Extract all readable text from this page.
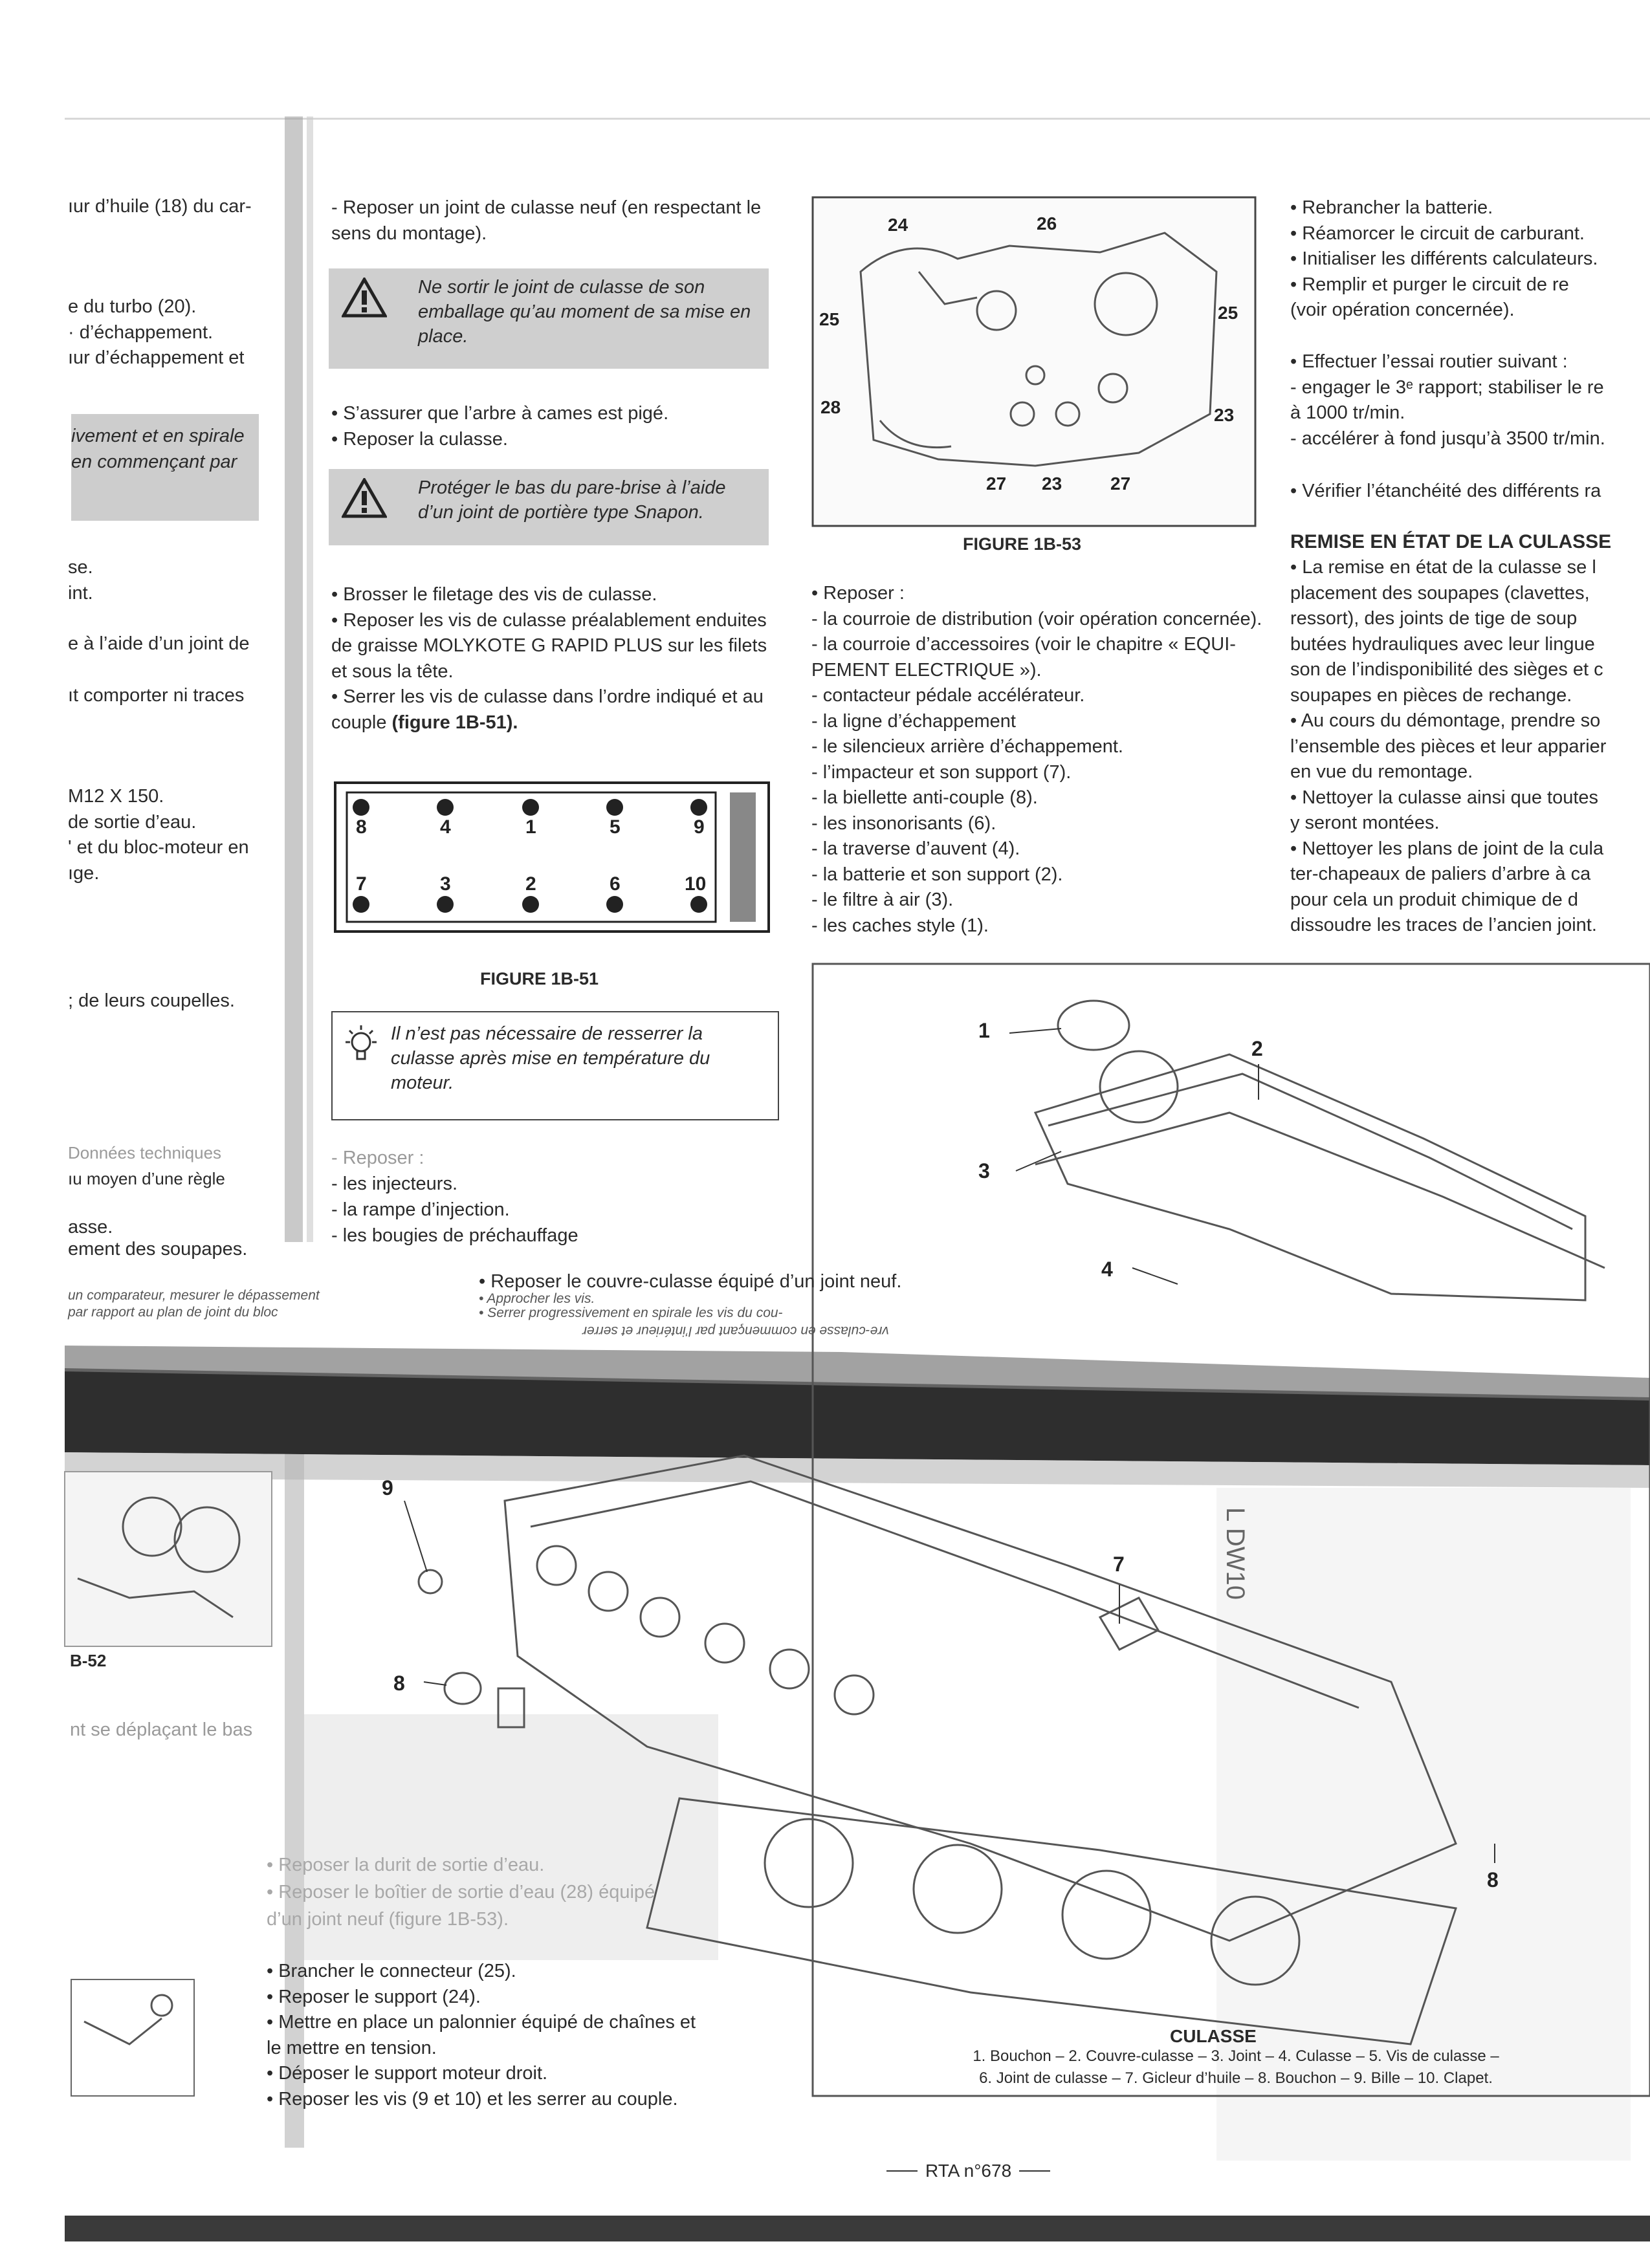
ıur d’huile (18) du car-
e du turbo (20).
· d’échappement.
ıur d’échappement et
ivement et en spirale
en commençant par
se.
int.
e à l’aide d’un joint de
ıt comporter ni traces
M12 X 150.
de sortie d’eau.
' et du bloc-moteur en
ıge.
; de leurs coupelles.
Données techniques
ıu moyen d’une règle
asse.
ement des soupapes.
un comparateur, mesurer le dépassement
par rapport au plan de joint du bloc
B-52
nt se déplaçant le bas
- Reposer un joint de culasse neuf (en respectant le
sens du montage).
Ne sortir le joint de culasse de son
emballage qu’au moment de sa mise en
place.
• S’assurer que l’arbre à cames est pigé.
• Reposer la culasse.
Protéger le bas du pare-brise à l’aide
d’un joint de portière type Snapon.
• Brosser le filetage des vis de culasse.
• Reposer les vis de culasse préalablement enduites
de graisse MOLYKOTE G RAPID PLUS sur les filets
et sous la tête.
• Serrer les vis de culasse dans l’ordre indiqué et au
couple (figure 1B-51).
8	4	1	5	9
7	3	2	6	10
FIGURE 1B-51
Il n’est pas nécessaire de resserrer la
culasse après mise en température du
moteur.
- Reposer :
- les injecteurs.
- la rampe d’injection.
- les bougies de préchauffage
24	26
25	25
28	23
27 23	27
FIGURE 1B-53
• Reposer :
- la courroie de distribution (voir opération concernée).
- la courroie d’accessoires (voir le chapitre « EQUI-
PEMENT ELECTRIQUE »).
- contacteur pédale accélérateur.
- la ligne d’échappement
- le silencieux arrière d’échappement.
- l’impacteur et son support (7).
- la biellette anti-couple (8).
- les insonorisants (6).
- la traverse d’auvent (4).
- la batterie et son support (2).
- le filtre à air (3).
- les caches style (1).
• Rebrancher la batterie.
• Réamorcer le circuit de carburant.
• Initialiser les différents calculateurs.
• Remplir et purger le circuit de re
(voir opération concernée).
• Effectuer l’essai routier suivant :
- engager le 3ᵉ rapport; stabiliser le re
à 1000 tr/min.
- accélérer à fond jusqu’à 3500 tr/min.
• Vérifier l’étanchéité des différents ra
REMISE EN ÉTAT DE LA CULASSE
• La remise en état de la culasse se l
placement des soupapes (clavettes,
ressort), des joints de tige de soup
butées hydrauliques avec leur lingue
son de l’indisponibilité des sièges et c
soupapes en pièces de rechange.
• Au cours du démontage, prendre so
l’ensemble des pièces et leur apparier
en vue du remontage.
• Nettoyer la culasse ainsi que toutes
y seront montées.
• Nettoyer les plans de joint de la cula
ter-chapeaux de paliers d’arbre à ca
pour cela un produit chimique de d
dissoudre les traces de l’ancien joint.
• Reposer le couvre-culasse équipé d’un joint neuf.
• Approcher les vis.
• Serrer progressivement en spirale les vis du cou-
vre-culasse en commençant par l’intérieur et serrer
1
2
3
4
9
7
8
8
L DW10
CULASSE
1. Bouchon – 2. Couvre-culasse – 3. Joint – 4. Culasse – 5. Vis de culasse –
6. Joint de culasse – 7. Gicleur d’huile – 8. Bouchon – 9. Bille – 10. Clapet.
• Reposer la durit de sortie d’eau.
• Reposer le boîtier de sortie d’eau (28) équipé
d’un joint neuf (figure 1B-53).
• Brancher le connecteur (25).
• Reposer le support (24).
• Mettre en place un palonnier équipé de chaînes et
le mettre en tension.
• Déposer le support moteur droit.
• Reposer les vis (9 et 10) et les serrer au couple.
RTA n°678
